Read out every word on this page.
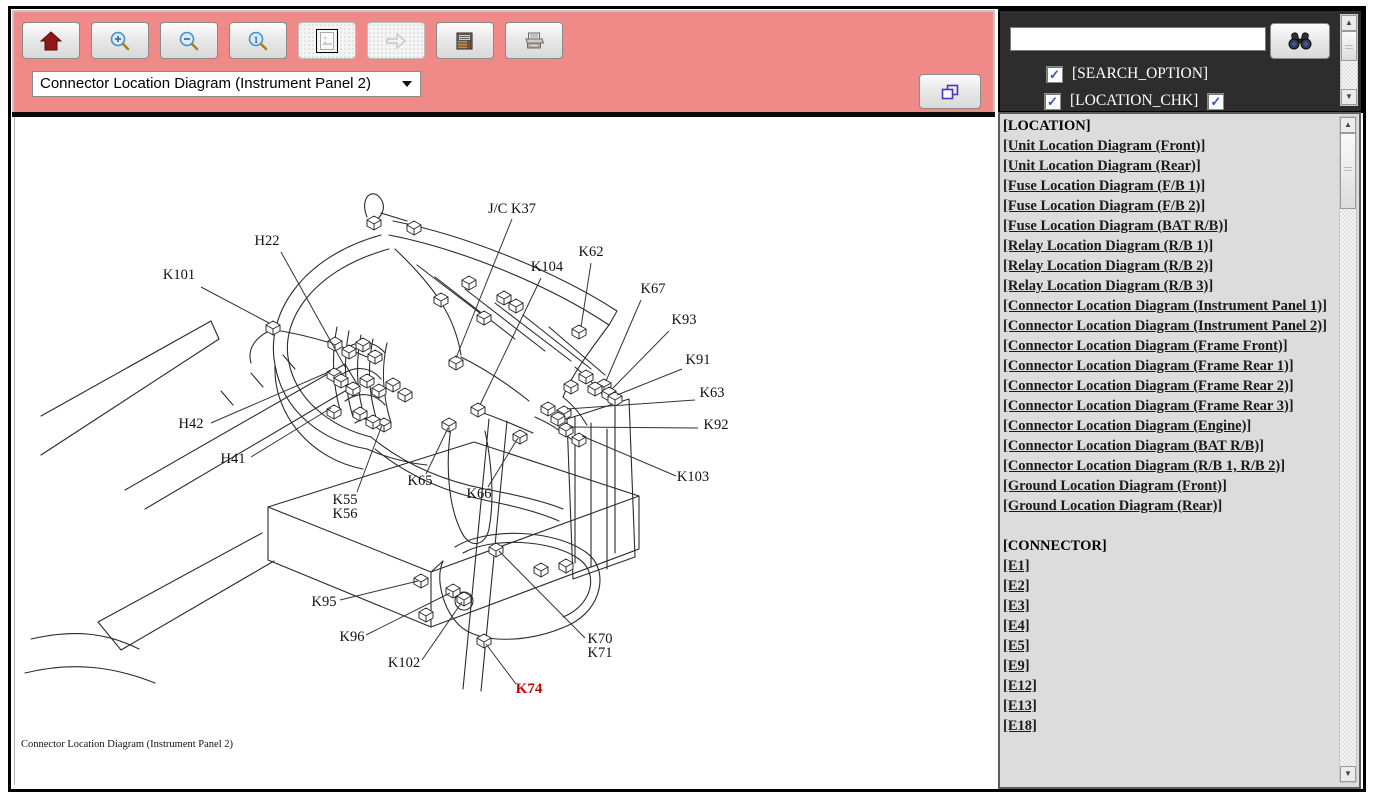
1
Connector Location Diagram (Instrument Panel 2)
J/C K37
H22
K101
K62
K104
K67
K93
K91
K63
K92
K103
H42
H41
K55
K56
K65
K66
K95
K96
K102
K70
K71
K74
Connector Location Diagram (Instrument Panel 2)
✓ [SEARCH_OPTION]
✓ [LOCATION_CHK] ✓
▲
▼
[LOCATION]
[Unit Location Diagram (Front)]
[Unit Location Diagram (Rear)]
[Fuse Location Diagram (F/B 1)]
[Fuse Location Diagram (F/B 2)]
[Fuse Location Diagram (BAT R/B)]
[Relay Location Diagram (R/B 1)]
[Relay Location Diagram (R/B 2)]
[Relay Location Diagram (R/B 3)]
[Connector Location Diagram (Instrument Panel 1)]
[Connector Location Diagram (Instrument Panel 2)]
[Connector Location Diagram (Frame Front)]
[Connector Location Diagram (Frame Rear 1)]
[Connector Location Diagram (Frame Rear 2)]
[Connector Location Diagram (Frame Rear 3)]
[Connector Location Diagram (Engine)]
[Connector Location Diagram (BAT R/B)]
[Connector Location Diagram (R/B 1, R/B 2)]
[Ground Location Diagram (Front)]
[Ground Location Diagram (Rear)]
[CONNECTOR]
[E1]
[E2]
[E3]
[E4]
[E5]
[E9]
[E12]
[E13]
[E18]
▲
▼
